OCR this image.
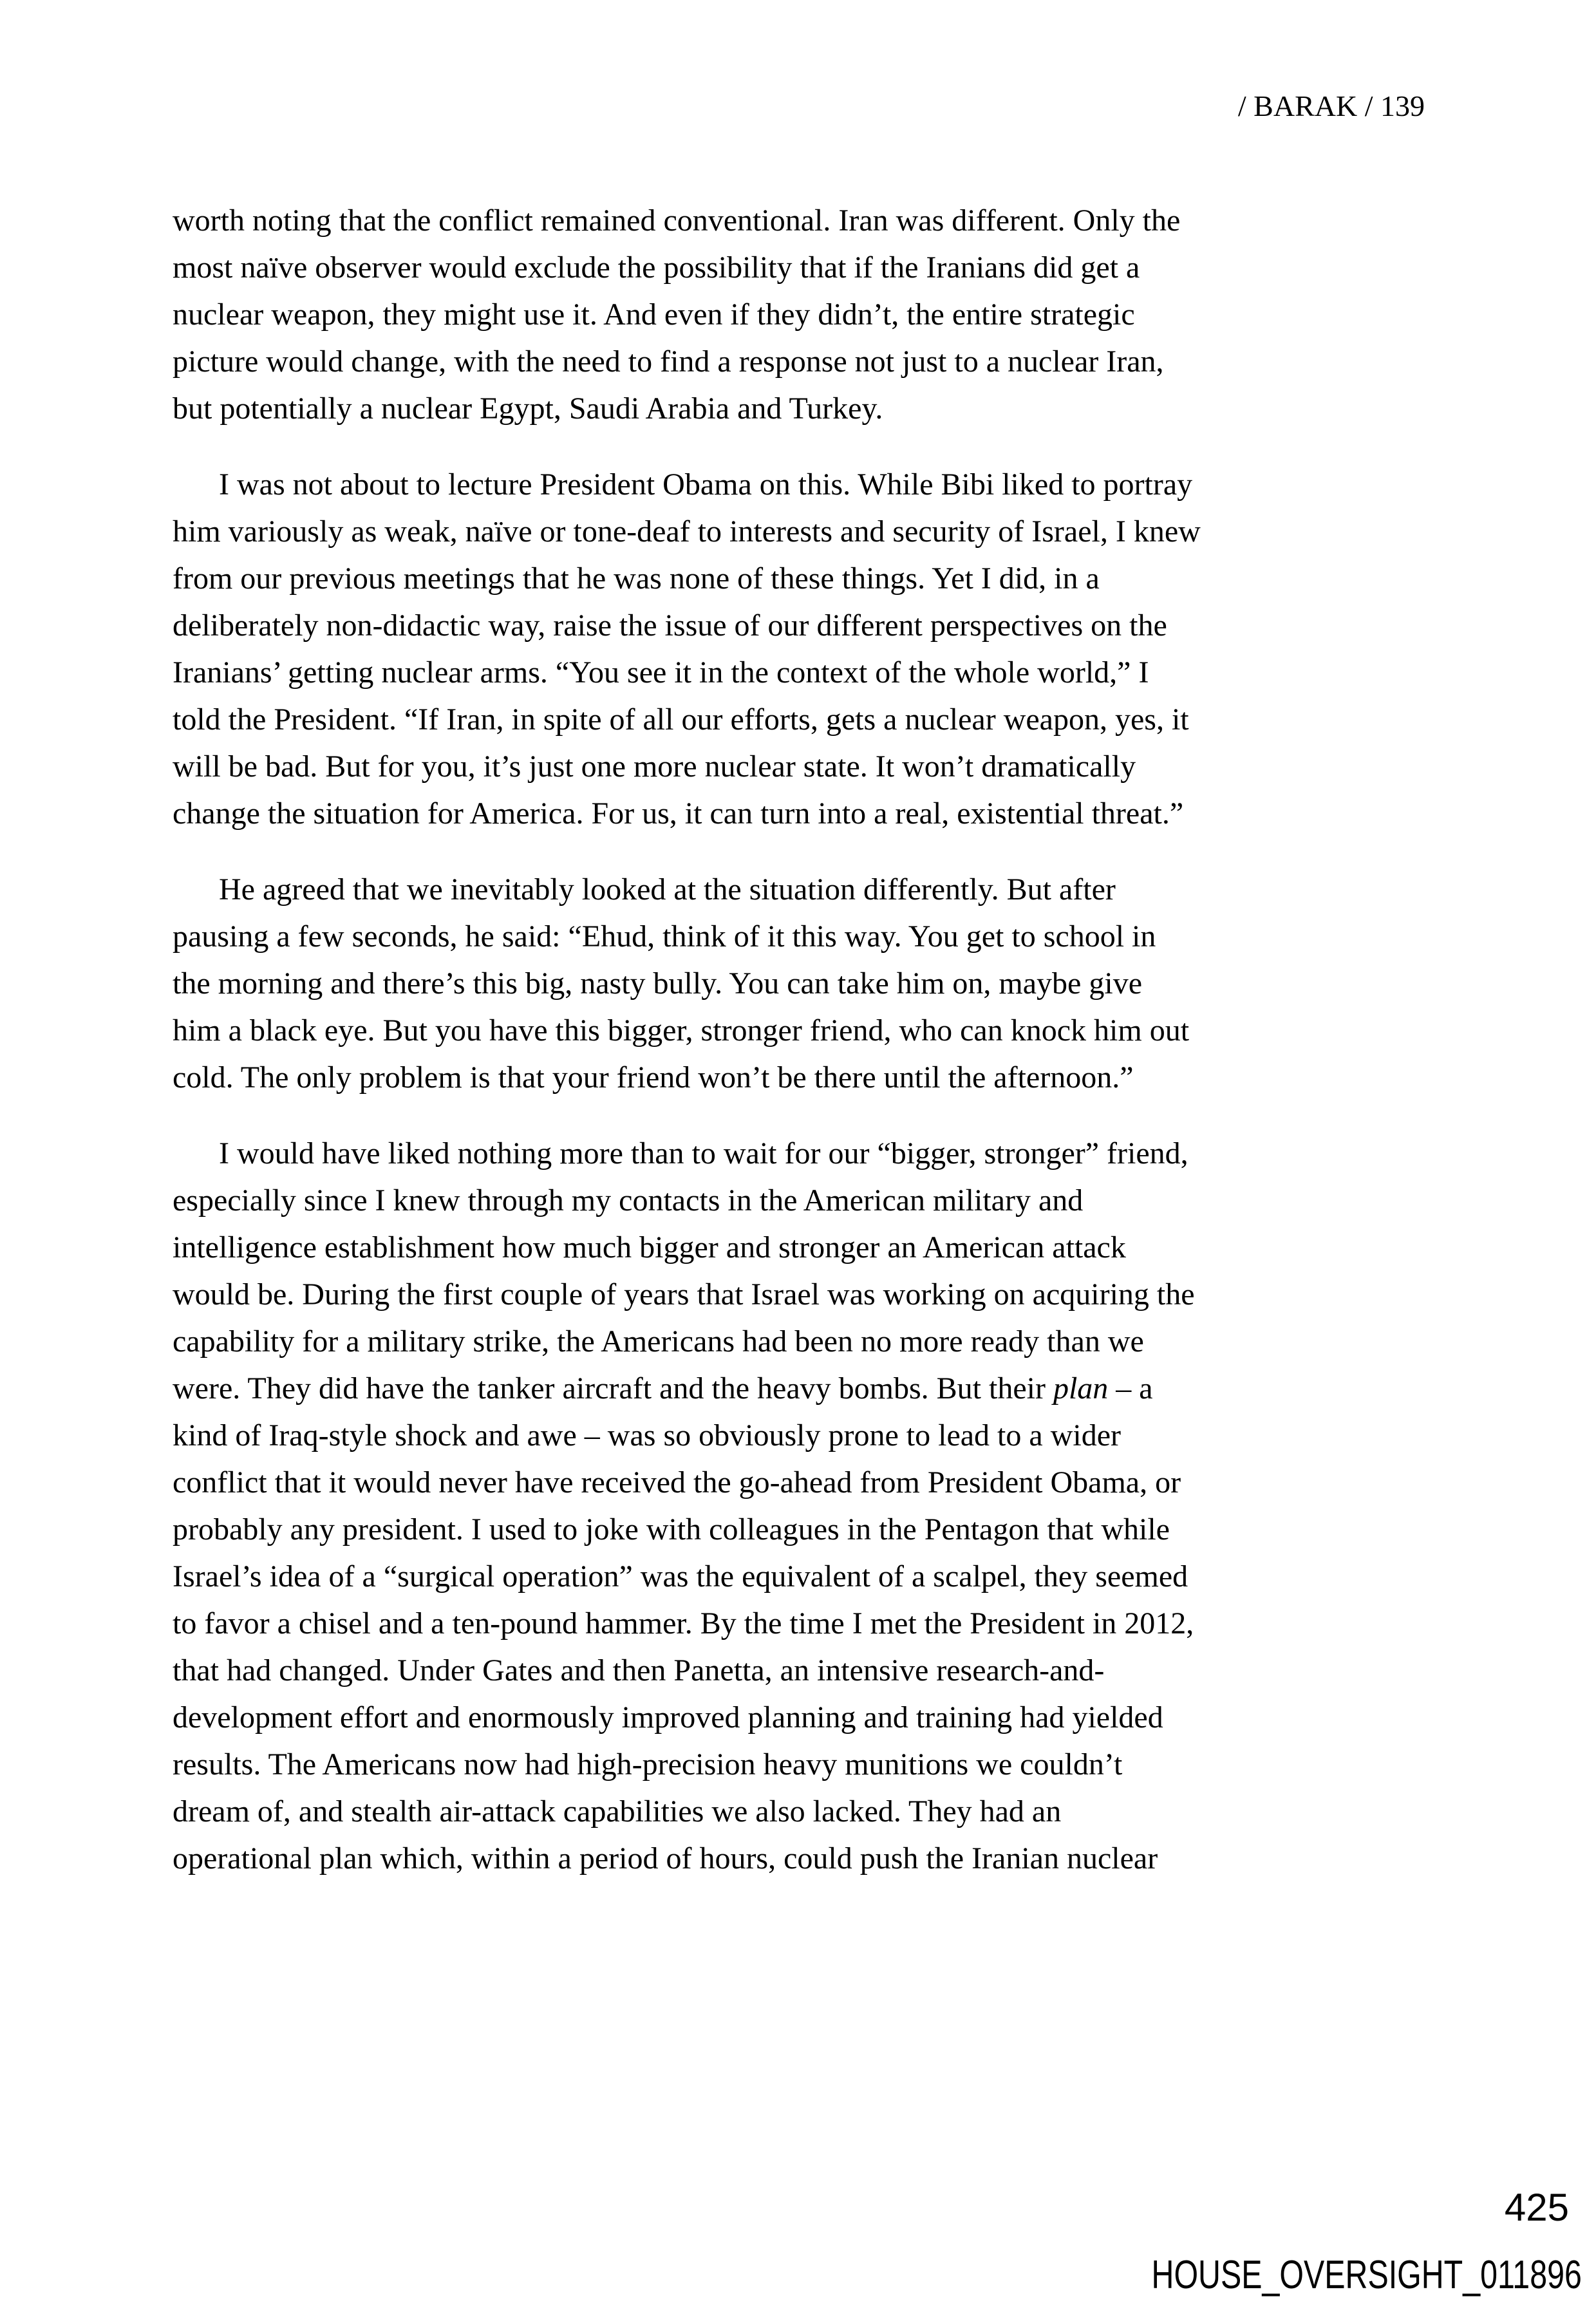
/ BARAK / 139
worth noting that the conflict remained conventional. Iran was different. Only the
most naïve observer would exclude the possibility that if the Iranians did get a
nuclear weapon, they might use it. And even if they didn’t, the entire strategic
picture would change, with the need to find a response not just to a nuclear Iran,
but potentially a nuclear Egypt, Saudi Arabia and Turkey.
I was not about to lecture President Obama on this. While Bibi liked to portray
him variously as weak, naïve or tone-deaf to interests and security of Israel, I knew
from our previous meetings that he was none of these things. Yet I did, in a
deliberately non-didactic way, raise the issue of our different perspectives on the
Iranians’ getting nuclear arms. “You see it in the context of the whole world,” I
told the President. “If Iran, in spite of all our efforts, gets a nuclear weapon, yes, it
will be bad. But for you, it’s just one more nuclear state. It won’t dramatically
change the situation for America. For us, it can turn into a real, existential threat.”
He agreed that we inevitably looked at the situation differently. But after
pausing a few seconds, he said: “Ehud, think of it this way. You get to school in
the morning and there’s this big, nasty bully. You can take him on, maybe give
him a black eye. But you have this bigger, stronger friend, who can knock him out
cold. The only problem is that your friend won’t be there until the afternoon.”
I would have liked nothing more than to wait for our “bigger, stronger” friend,
especially since I knew through my contacts in the American military and
intelligence establishment how much bigger and stronger an American attack
would be. During the first couple of years that Israel was working on acquiring the
capability for a military strike, the Americans had been no more ready than we
were. They did have the tanker aircraft and the heavy bombs. But their plan – a
kind of Iraq-style shock and awe – was so obviously prone to lead to a wider
conflict that it would never have received the go-ahead from President Obama, or
probably any president. I used to joke with colleagues in the Pentagon that while
Israel’s idea of a “surgical operation” was the equivalent of a scalpel, they seemed
to favor a chisel and a ten-pound hammer. By the time I met the President in 2012,
that had changed. Under Gates and then Panetta, an intensive research-and-
development effort and enormously improved planning and training had yielded
results. The Americans now had high-precision heavy munitions we couldn’t
dream of, and stealth air-attack capabilities we also lacked. They had an
operational plan which, within a period of hours, could push the Iranian nuclear
425
HOUSE_OVERSIGHT_011896
